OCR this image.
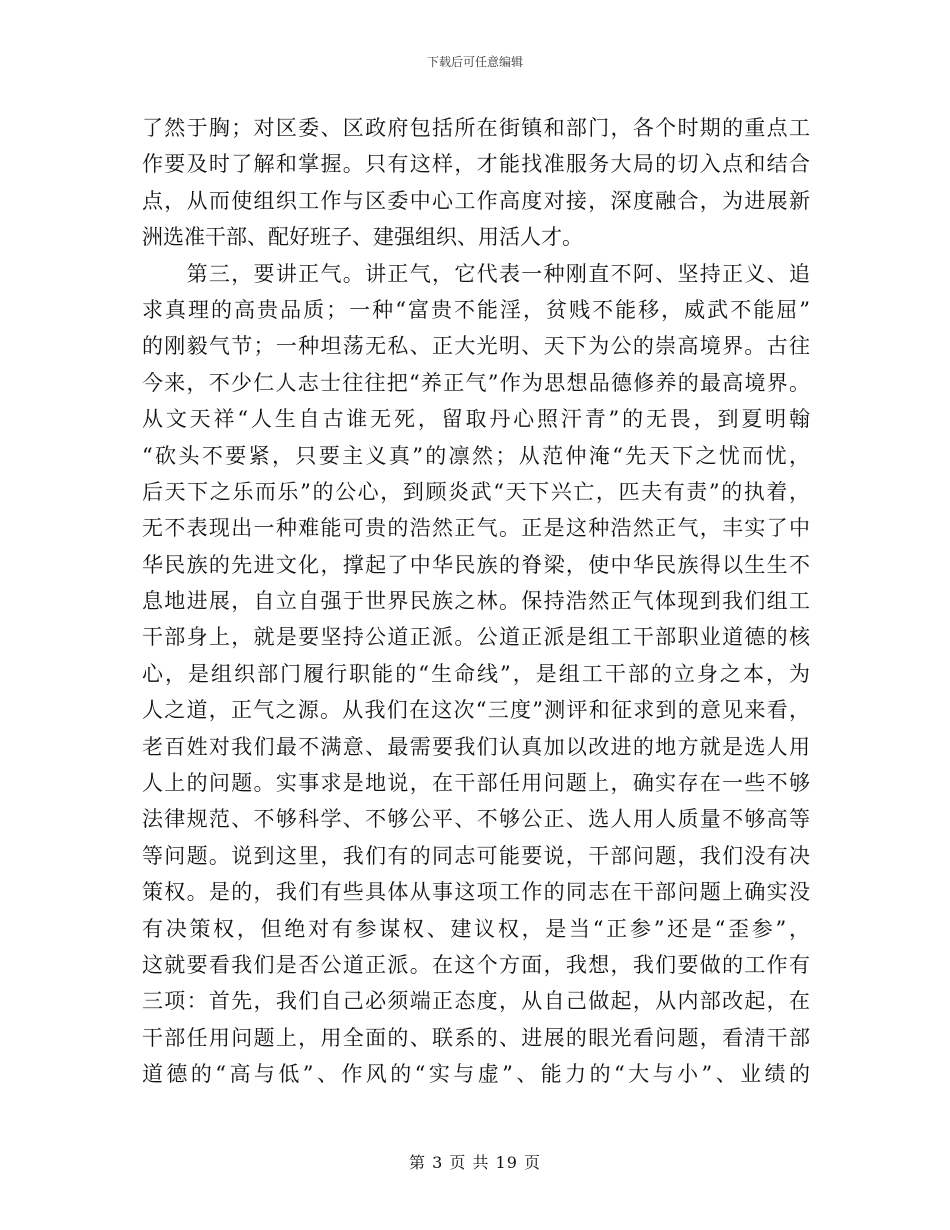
下载后可任意编辑
了然于胸；对区委、区政府包括所在街镇和部门，各个时期的重点工
作要及时了解和掌握。只有这样，才能找准服务大局的切入点和结合
点，从而使组织工作与区委中心工作高度对接，深度融合，为进展新
洲选准干部、配好班子、建强组织、用活人才。
　　第三，要讲正气。讲正气，它代表一种刚直不阿、坚持正义、追
求真理的高贵品质；一种“富贵不能淫，贫贱不能移，威武不能屈”
的刚毅气节；一种坦荡无私、正大光明、天下为公的崇高境界。古往
今来，不少仁人志士往往把“养正气”作为思想品德修养的最高境界。
从文天祥“人生自古谁无死，留取丹心照汗青”的无畏，到夏明翰
“砍头不要紧，只要主义真”的凛然；从范仲淹“先天下之忧而忧，
后天下之乐而乐”的公心，到顾炎武“天下兴亡，匹夫有责”的执着，
无不表现出一种难能可贵的浩然正气。正是这种浩然正气，丰实了中
华民族的先进文化，撑起了中华民族的脊梁，使中华民族得以生生不
息地进展，自立自强于世界民族之林。保持浩然正气体现到我们组工
干部身上，就是要坚持公道正派。公道正派是组工干部职业道德的核
心，是组织部门履行职能的“生命线”，是组工干部的立身之本，为
人之道，正气之源。从我们在这次“三度”测评和征求到的意见来看，
老百姓对我们最不满意、最需要我们认真加以改进的地方就是选人用
人上的问题。实事求是地说，在干部任用问题上，确实存在一些不够
法律规范、不够科学、不够公平、不够公正、选人用人质量不够高等
等问题。说到这里，我们有的同志可能要说，干部问题，我们没有决
策权。是的，我们有些具体从事这项工作的同志在干部问题上确实没
有决策权，但绝对有参谋权、建议权，是当“正参”还是“歪参”，
这就要看我们是否公道正派。在这个方面，我想，我们要做的工作有
三项：首先，我们自己必须端正态度，从自己做起，从内部改起，在
干部任用问题上，用全面的、联系的、进展的眼光看问题，看清干部
道德的“高与低”、作风的“实与虚”、能力的“大与小”、业绩的
第 3 页 共 19 页
